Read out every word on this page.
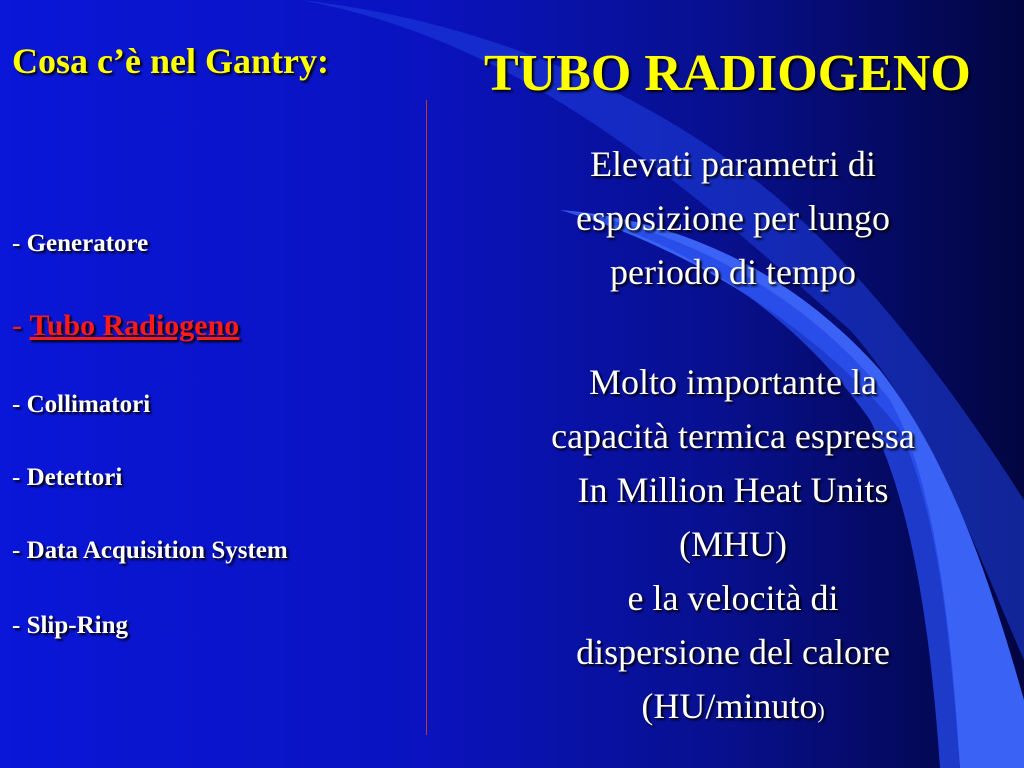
Cosa c’è nel Gantry:	TUBO RADIOGENO
- Generatore
- Tubo Radiogeno
- Collimatori
- Detettori
- Data Acquisition System
- Slip-Ring
Elevati parametri di
esposizione per lungo
periodo di tempo
Molto importante la
capacità termica espressa
In Million Heat Units
(MHU)
e la velocità di
dispersione del calore
(HU/minuto)
